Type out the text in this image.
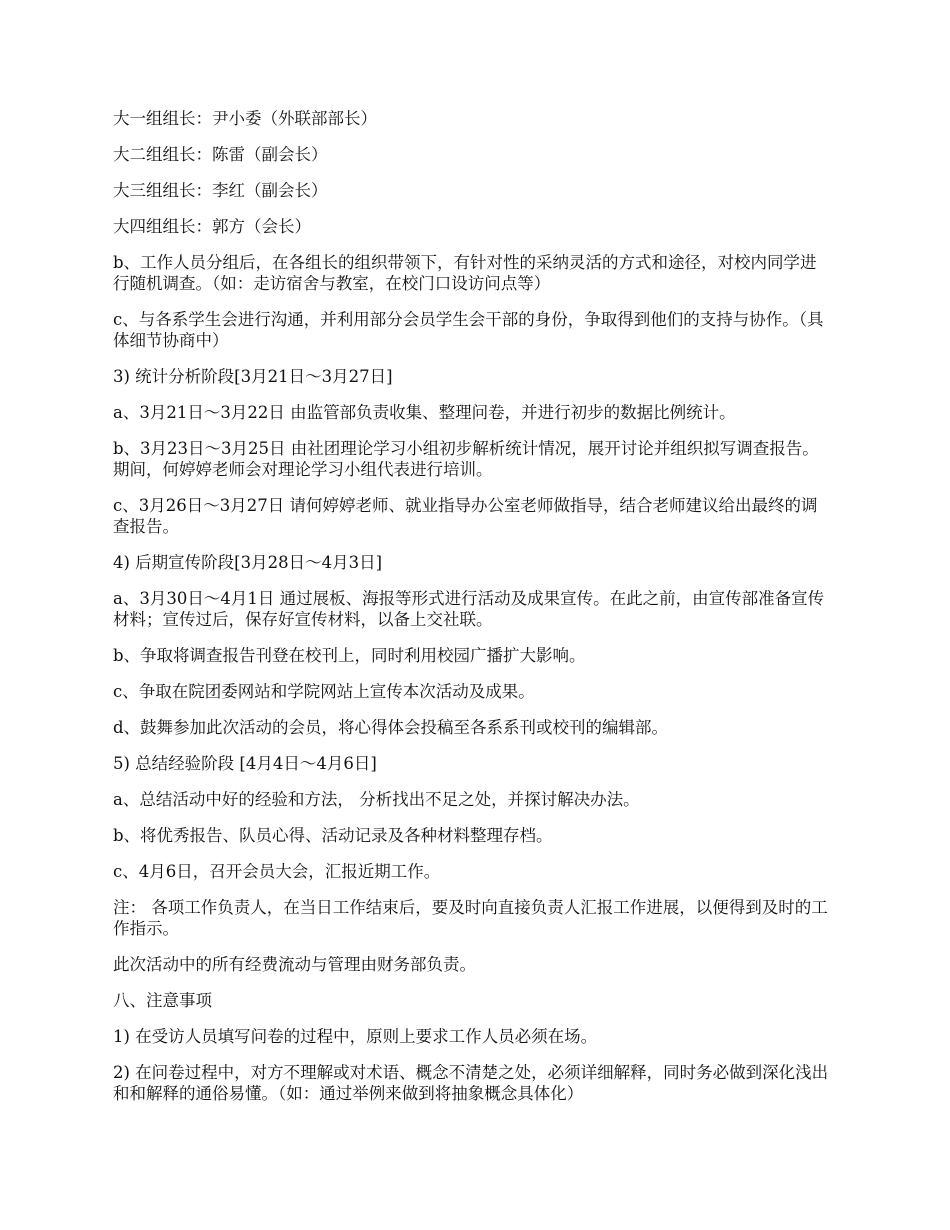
大一组组长：尹小委（外联部部长）

大二组组长：陈雷（副会长）

大三组组长：李红（副会长）

大四组组长：郭方（会长）

b、工作人员分组后，在各组长的组织带领下，有针对性的采纳灵活的方式和途径，对校内同学进行随机调查。（如：走访宿舍与教室，在校门口设访问点等）

c、与各系学生会进行沟通，并利用部分会员学生会干部的身份，争取得到他们的支持与协作。（具体细节协商中）

3) 统计分析阶段[3月21日～3月27日]

a、3月21日～3月22日 由监管部负责收集、整理问卷，并进行初步的数据比例统计。

b、3月23日～3月25日 由社团理论学习小组初步解析统计情况，展开讨论并组织拟写调查报告。期间，何婷婷老师会对理论学习小组代表进行培训。

c、3月26日～3月27日 请何婷婷老师、就业指导办公室老师做指导，结合老师建议给出最终的调查报告。

4) 后期宣传阶段[3月28日～4月3日]

a、3月30日～4月1日 通过展板、海报等形式进行活动及成果宣传。在此之前，由宣传部准备宣传材料；宣传过后，保存好宣传材料，以备上交社联。

b、争取将调查报告刊登在校刊上，同时利用校园广播扩大影响。

c、争取在院团委网站和学院网站上宣传本次活动及成果。

d、鼓舞参加此次活动的会员，将心得体会投稿至各系系刊或校刊的编辑部。

5) 总结经验阶段 [4月4日～4月6日]

a、总结活动中好的经验和方法， 分析找出不足之处，并探讨解决办法。

b、将优秀报告、队员心得、活动记录及各种材料整理存档。

c、4月6日，召开会员大会，汇报近期工作。

注： 各项工作负责人，在当日工作结束后，要及时向直接负责人汇报工作进展，以便得到及时的工作指示。

此次活动中的所有经费流动与管理由财务部负责。

八、注意事项

1) 在受访人员填写问卷的过程中，原则上要求工作人员必须在场。

2) 在问卷过程中，对方不理解或对术语、概念不清楚之处，必须详细解释，同时务必做到深化浅出和和解释的通俗易懂。（如：通过举例来做到将抽象概念具体化）
